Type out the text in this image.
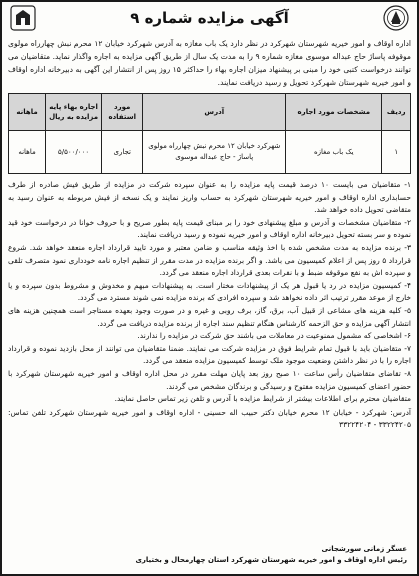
آگهی مزایده شماره ۹

اداره اوقاف و امور خیریه شهرستان شهرکرد در نظر دارد یک باب مغازه به آدرس شهرکرد خیابان ۱۲ محرم نبش چهارراه مولوی موقوفه پاساژ حاج عبداله موسوی مغازه شماره ۹ را به مدت یک سال از طریق آگهی مزایده به اجاره واگذار نماید. متقاضیان می توانند درخواست کتبی خود را مبنی بر پیشنهاد میزان اجاره بهاء را حداکثر ۱۵ روز پس از انتشار این آگهی به دبیرخانه اداره اوقاف و امور خیریه شهرستان شهرکرد تحویل و رسید دریافت نمایند.

ردیف	مشخصات مورد اجاره	آدرس	مورد استفاده	اجاره بهاء پایه مزایده به ریال	ماهانه
۱	یک باب مغازه	شهرکرد خیابان ۱۲ محرم نبش چهارراه مولوی پاساژ - حاج عبداله موسوی	تجاری	۵/۵۰۰/۰۰۰	ماهانه

۱- متقاضیان می بایست ۱۰ درصد قیمت پایه مزایده را به عنوان سپرده شرکت در مزایده از طریق فیش صادره از طرف حسابداری اداره اوقاف و امور خیریه شهرستان شهرکرد به حساب واریز نمایند و یک نسخه از فیش مربوطه به عنوان رسید به متقاضی تحویل داده خواهد شد.

۲- متقاضیان مشخصات و آدرس و مبلغ پیشنهادی خود را بر مبنای قیمت پایه بطور صریح و با حروف خوانا در درخواست خود قید نموده و سر بسته تحویل دبیرخانه اداره اوقاف و امور خیریه نموده و رسید دریافت نمایند.

۳- برنده مزایده به مدت مشخص شده با اخذ وثیقه مناسب و ضامن معتبر و مورد تایید قرارداد اجاره منعقد خواهد شد. شروع قرارداد ۵ روز پس از اعلام کمیسیون می باشد. و اگر برنده مزایده در مدت مقرر از تنظیم اجاره نامه خودداری نمود متصرف تلقی و سپرده اش به نفع موقوفه ضبط و با نفرات بعدی قرارداد اجاره منعقد می گردد.

۴- کمیسیون مزایده در رد یا قبول هر یک از پیشنهادات مختار است. به پیشنهادات مبهم و مخدوش و مشروط بدون سپرده و یا خارج از موعد مقرر ترتیب اثر داده نخواهد شد و سپرده افرادی که برنده مزایده نمی شوند مسترد می گردد.

۵- کلیه هزینه های مشاعی از قبیل آب، برق، گاز، برف روبی و غیره و در صورت وجود بعهده مستاجر است همچنین هزینه های انتشار آگهی مزایده و حق الزحمه کارشناس هنگام تنظیم سند اجاره از برنده مزایده دریافت می گردد.

۶- اشخاصی که مشمول ممنوعیت در معاملات می باشند حق شرکت در مزایده را ندارند.

۷- متقاضیان باید با قبول تمام شرایط فوق در مزایده شرکت می نمایند. ضمنا متقاضیان می توانند از محل بازدید نموده و قرارداد اجاره را با در نظر داشتن وضعیت موجود ملک توسط کمیسیون مزایده منعقد می گردد.

۸- تقاضای متقاضیان رأس ساعت ۱۰ صبح روز بعد پایان مهلت مقرر در محل اداره اوقاف و امور خیریه شهرستان شهرکرد با حضور اعضای کمیسیون مزایده مفتوح و رسیدگی و برندگان مشخص می گردند.

متقاضیان محترم برای اطلاعات بیشتر از شرایط مزایده با آدرس و تلفن زیر تماس حاصل نمایند.

آدرس: شهرکرد - خیابان ۱۲ محرم خیابان دکتر حبیب اله حسینی - اداره اوقاف و امور خیریه شهرستان شهرکرد تلفن تماس: ۳۳۲۲۴۲۰۵ - ۳۳۲۲۴۲۰۴

عسگر زمانی سورشجانی
رئیس اداره اوقاف و امور خیریه شهرستان شهرکرد استان چهارمحال و بختیاری
